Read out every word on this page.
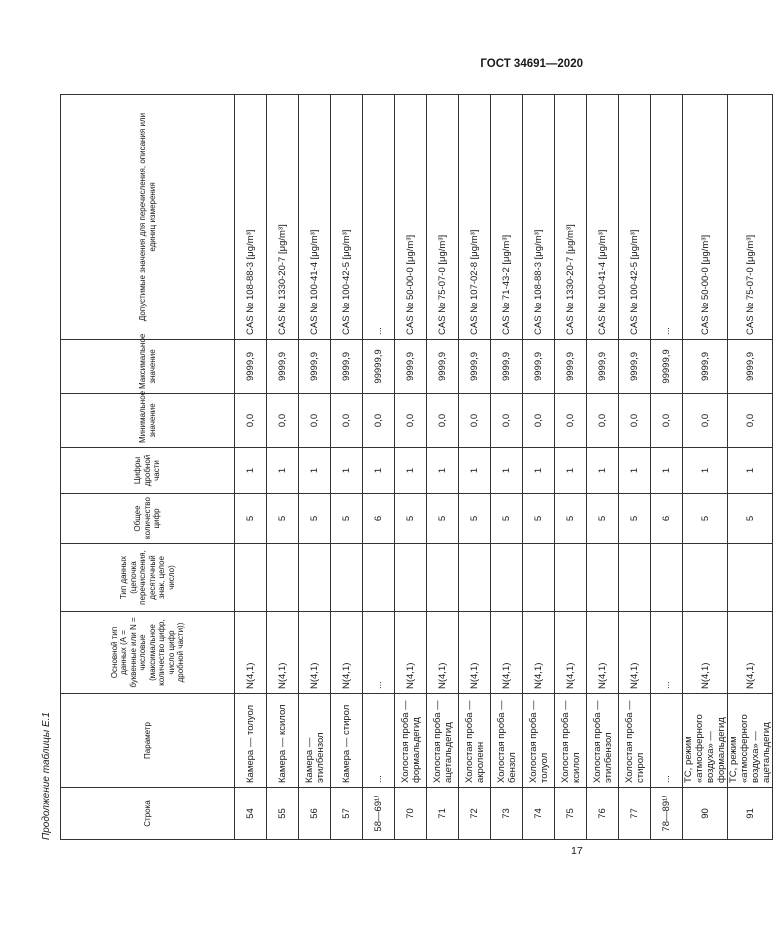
ГОСТ 34691—2020
Продолжение таблицы Е.1	Строка	Параметр	Основной тип данных (А = буквенные или N = числовые (максимальное количество цифр, число цифр дробной части))	Тип данных (цепочка перечисления, десятичный знак, целое число)	Общее количество цифр	Цифры дробной части	Минимальное значение	Максимальное значение	Допустимые значения для перечисления, описания или единиц измерения
54	Камера — толуол	N(4,1)		5	1	0,0	9999,9	CAS № 108-88-3 [μg/m³]
55	Камера — ксилол	N(4,1)		5	1	0,0	9999,9	CAS № 1330-20-7 [μg/m³]
56	Камера — этилбензол	N(4,1)		5	1	0,0	9999,9	CAS № 100-41-4 [μg/m³]
57	Камера — стирол	N(4,1)		5	1	0,0	9999,9	CAS № 100-42-5 [μg/m³]
58—69¹⁾	...	...		6	1	0,0	99999,9	...
70	Холостая проба — формальдегид	N(4,1)		5	1	0,0	9999,9	CAS № 50-00-0 [μg/m³]
71	Холостая проба — ацетальдегид	N(4,1)		5	1	0,0	9999,9	CAS № 75-07-0 [μg/m³]
72	Холостая проба — акролеин	N(4,1)		5	1	0,0	9999,9	CAS № 107-02-8 [μg/m³]
73	Холостая проба — бензол	N(4,1)		5	1	0,0	9999,9	CAS № 71-43-2 [μg/m³]
74	Холостая проба — толуол	N(4,1)		5	1	0,0	9999,9	CAS № 108-88-3 [μg/m³]
75	Холостая проба — ксилол	N(4,1)		5	1	0,0	9999,9	CAS № 1330-20-7 [μg/m³]
76	Холостая проба — этилбензол	N(4,1)		5	1	0,0	9999,9	CAS № 100-41-4 [μg/m³]
77	Холостая проба — стирол	N(4,1)		5	1	0,0	9999,9	CAS № 100-42-5 [μg/m³]
78—89¹⁾	...	...		6	1	0,0	99999,9	...
90	ТС, режим «атмосферного воздуха» — формальдегид	N(4,1)		5	1	0,0	9999,9	CAS № 50-00-0 [μg/m³]
91	ТС, режим «атмосферного воздуха» — ацетальдегид	N(4,1)		5	1	0,0	9999,9	CAS № 75-07-0 [μg/m³]
17
